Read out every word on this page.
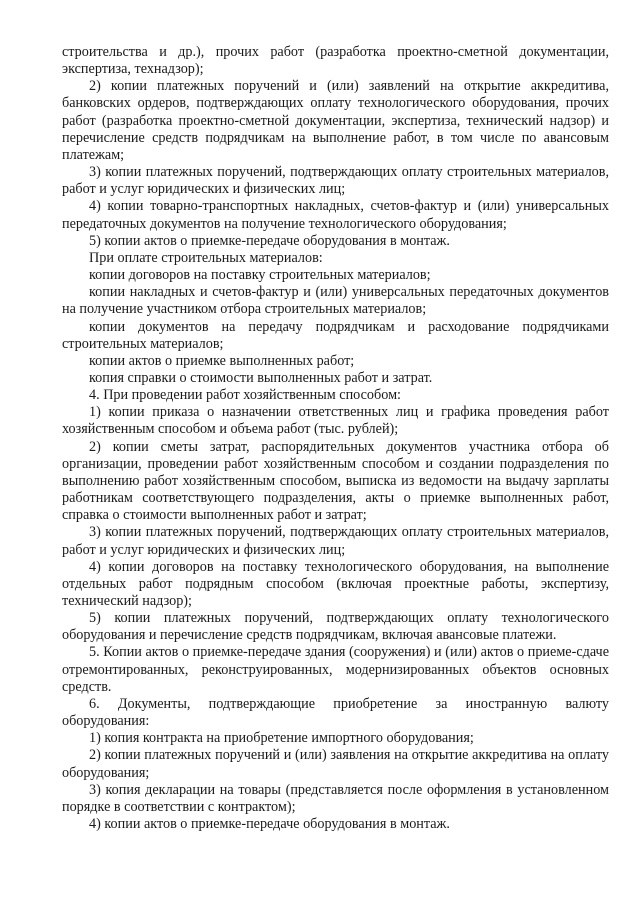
строительства и др.), прочих работ (разработка проектно-сметной документации, экспертиза, технадзор);

2) копии платежных поручений и (или) заявлений на открытие аккредитива, банковских ордеров, подтверждающих оплату технологического оборудования, прочих работ (разработка проектно-сметной документации, экспертиза, технический надзор) и перечисление средств подрядчикам на выполнение работ, в том числе по авансовым платежам;

3) копии платежных поручений, подтверждающих оплату строительных материалов, работ и услуг юридических и физических лиц;

4) копии товарно-транспортных накладных, счетов-фактур и (или) универсальных передаточных документов на получение технологического оборудования;

5) копии актов о приемке-передаче оборудования в монтаж.

При оплате строительных материалов:

копии договоров на поставку строительных материалов;

копии накладных и счетов-фактур и (или) универсальных передаточных документов на получение участником отбора строительных материалов;

копии документов на передачу подрядчикам и расходование подрядчиками строительных материалов;

копии актов о приемке выполненных работ;

копия справки о стоимости выполненных работ и затрат.

4. При проведении работ хозяйственным способом:

1) копии приказа о назначении ответственных лиц и графика проведения работ хозяйственным способом и объема работ (тыс. рублей);

2) копии сметы затрат, распорядительных документов участника отбора об организации, проведении работ хозяйственным способом и создании подразделения по выполнению работ хозяйственным способом, выписка из ведомости на выдачу зарплаты работникам соответствующего подразделения, акты о приемке выполненных работ, справка о стоимости выполненных работ и затрат;

3) копии платежных поручений, подтверждающих оплату строительных материалов, работ и услуг юридических и физических лиц;

4) копии договоров на поставку технологического оборудования, на выполнение отдельных работ подрядным способом (включая проектные работы, экспертизу, технический надзор);

5) копии платежных поручений, подтверждающих оплату технологического оборудования и перечисление средств подрядчикам, включая авансовые платежи.

5. Копии актов о приемке-передаче здания (сооружения) и (или) актов о приеме-сдаче отремонтированных, реконструированных, модернизированных объектов основных средств.

6. Документы, подтверждающие приобретение за иностранную валюту оборудования:

1) копия контракта на приобретение импортного оборудования;

2) копии платежных поручений и (или) заявления на открытие аккредитива на оплату оборудования;

3) копия декларации на товары (представляется после оформления в установленном порядке в соответствии с контрактом);

4) копии актов о приемке-передаче оборудования в монтаж.
